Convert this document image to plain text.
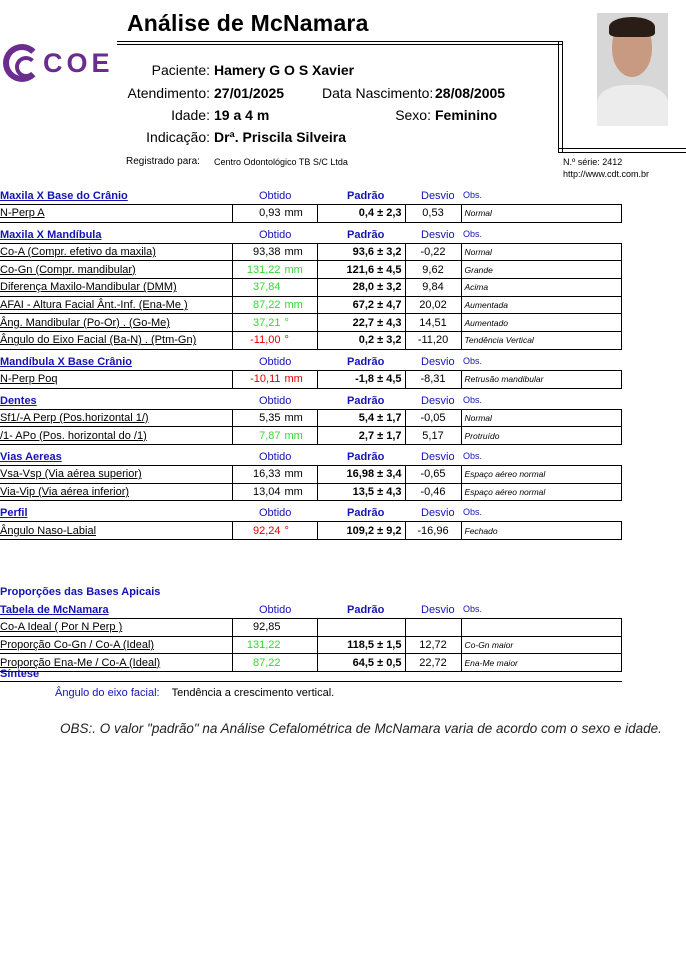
Análise de McNamara
COE	Paciente: Hamery G O S Xavier
Atendimento: 27/01/2025	Data Nascimento: 28/08/2005
Idade: 19 a 4 m	Sexo: Feminino
Indicação: Drª. Priscila Silveira
Registrado para: Centro Odontológico TB S/C Ltda	N.º série: 2412
http://www.cdt.com.br
Maxila X Base do Crânio	Obtido	Padrão	Desvio Obs.
N-Perp A	0,93 mm	0,4 ± 2,3	0,53	Normal
Maxila X Mandíbula	Obtido	Padrão	Desvio Obs.
Co-A (Compr. efetivo da maxila)	93,38 mm	93,6 ± 3,2	-0,22	Normal
Co-Gn (Compr. mandibular)	131,22 mm	121,6 ± 4,5	9,62	Grande
Diferença Maxilo-Mandibular (DMM)	37,84	28,0 ± 3,2	9,84	Acima
AFAI - Altura Facial Ânt.-Inf. (Ena-Me )	87,22 mm	67,2 ± 4,7	20,02	Aumentada
Âng. Mandibular (Po-Or) . (Go-Me)	37,21 °	22,7 ± 4,3	14,51	Aumentado
Ângulo do Eixo Facial (Ba-N) . (Ptm-Gn)	-11,00 °	0,2 ± 3,2	-11,20	Tendência Vertical
Mandíbula X Base Crânio	Obtido	Padrão	Desvio Obs.
N-Perp Poq	-10,11 mm	-1,8 ± 4,5	-8,31	Retrusão mandibular
Dentes	Obtido	Padrão	Desvio Obs.
Sf1/-A Perp (Pos.horizontal 1/)	5,35 mm	5,4 ± 1,7	-0,05	Normal
/1- APo (Pos. horizontal do /1)	7,87 mm	2,7 ± 1,7	5,17	Protruído
Vias Aereas	Obtido	Padrão	Desvio Obs.
Vsa-Vsp (Via aérea superior)	16,33 mm	16,98 ± 3,4	-0,65	Espaço aéreo normal
Via-Vip (Via aérea inferior)	13,04 mm	13,5 ± 4,3	-0,46	Espaço aéreo normal
Perfil	Obtido	Padrão	Desvio Obs.
Ângulo Naso-Labial	92,24 °	109,2 ± 9,2	-16,96	Fechado
Proporções das Bases Apicais
Tabela de McNamara	Obtido	Padrão	Desvio Obs.
Co-A Ideal ( Por N Perp )	92,85			
Proporção Co-Gn / Co-A (Ideal)	131,22	118,5 ± 1,5	12,72	Co-Gn maior
Proporção Ena-Me / Co-A (Ideal)	87,22	64,5 ± 0,5	22,72	Ena-Me maior
Síntese
Ângulo do eixo facial: Tendência a crescimento vertical.
OBS:. O valor "padrão" na Análise Cefalométrica de McNamara varia de acordo com o sexo e idade.
